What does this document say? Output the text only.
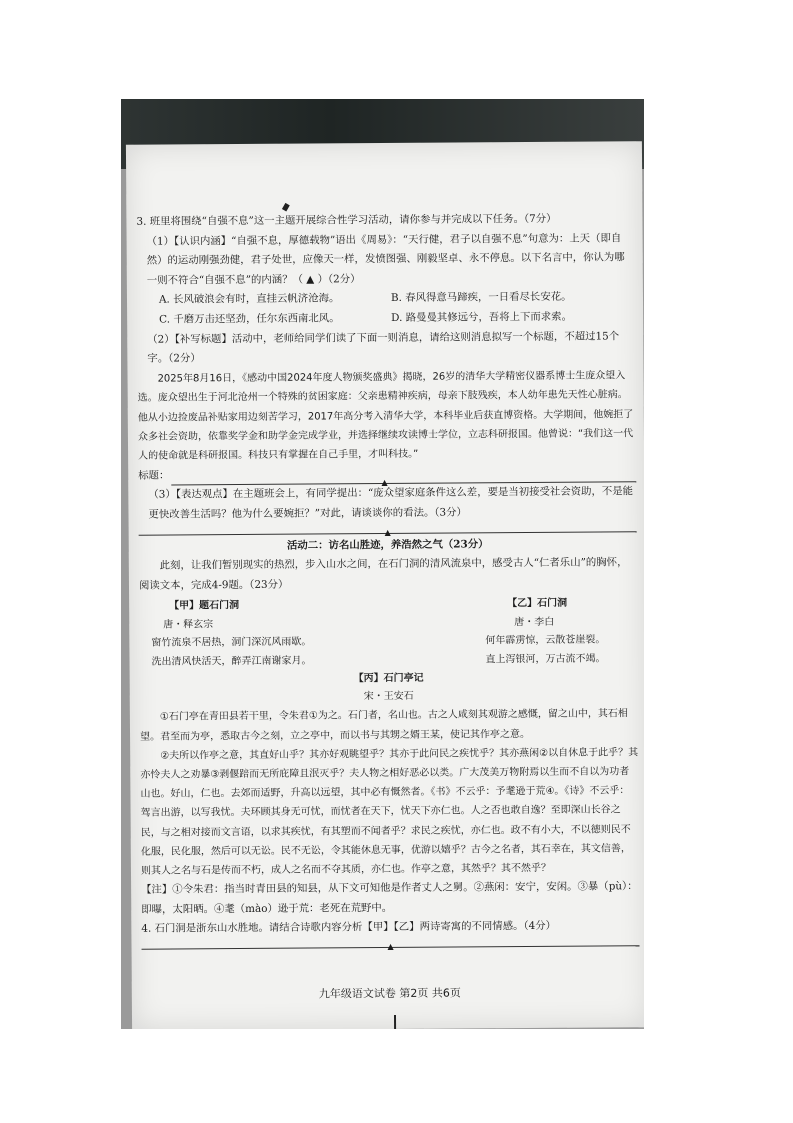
3. 班里将围绕“自强不息”这一主题开展综合性学习活动，请你参与并完成以下任务。（7分）

（1）【认识内涵】“自强不息，厚德载物”语出《周易》：“天行健，君子以自强不息”句意为：上天（即自然）的运动刚强劲健，君子处世，应像天一样，发愤图强、刚毅坚卓、永不停息。以下名言中，你认为哪一则不符合“自强不息”的内涵？（ ▲ ）（2分）

A. 长风破浪会有时，直挂云帆济沧海。	B. 春风得意马蹄疾，一日看尽长安花。
C. 千磨万击还坚劲，任尔东西南北风。	D. 路曼曼其修远兮，吾将上下而求索。

（2）【补写标题】活动中，老师给同学们读了下面一则消息，请给这则消息拟写一个标题，不超过15个字。（2分）

2025年8月16日，《感动中国2024年度人物颁奖盛典》揭晓，26岁的清华大学精密仪器系博士生庞众望入选。庞众望出生于河北沧州一个特殊的贫困家庭：父亲患精神疾病，母亲下肢残疾，本人幼年患先天性心脏病。他从小边捡废品补贴家用边刻苦学习，2017年高分考入清华大学，本科毕业后获直博资格。大学期间，他婉拒了众多社会资助，依靠奖学金和助学金完成学业，并选择继续攻读博士学位，立志科研报国。他曾说：“我们这一代人的使命就是科研报国。科技只有掌握在自己手里，才叫科技。”

标题：
▲

（3）【表达观点】在主题班会上，有同学提出：“庞众望家庭条件这么差，要是当初接受社会资助，不是能更快改善生活吗？他为什么要婉拒？”对此，请谈谈你的看法。（3分）

▲

活动二：访名山胜迹，养浩然之气（23分）

此刻，让我们暂别现实的热烈，步入山水之间，在石门洞的清风流泉中，感受古人“仁者乐山”的胸怀，阅读文本，完成4-9题。（23分）

【甲】题石门洞
唐・释玄宗
窗竹流泉不居热，洞门深沉风雨歇。
洗出清风快活天，醉弄江南谢家月。
【乙】石门洞
唐・李白
何年霹雳惊，云散苍崖裂。
直上泻银河，万古流不竭。
【丙】石门亭记
宋・王安石

①石门亭在青田县若干里，令朱君①为之。石门者，名山也。古之人咸刻其观游之感慨，留之山中，其石相望。君至而为亭，悉取古今之刻，立之亭中，而以书与其甥之婿王某，使记其作亭之意。

②夫所以作亭之意，其直好山乎？其亦好观眺望乎？其亦于此问民之疾忧乎？其亦燕闲②以自休息于此乎？其亦怜夫人之劝暴③剥偃踣而无所庇障且泯灭乎？夫人物之相好恶必以类。广大茂美万物附焉以生而不自以为功者山也。好山，仁也。去郊而适野，升高以远望，其中必有慨然者。《书》不云乎：予耄逊于荒④。《诗》不云乎：驾言出游，以写我忧。夫环顾其身无可忧，而忧者在天下，忧天下亦仁也。人之否也敢自逸？至即深山长谷之民，与之相对接而文言语，以求其疾忧，有其塑而不闻者乎？求民之疾忧，亦仁也。政不有小大，不以德则民不化服，民化服，然后可以无讼。民不无讼，令其能休息无事，优游以嬉乎？古今之名者，其石幸在，其文信善，则其人之名与石是传而不朽，成人之名而不夺其质，亦仁也。作亭之意，其然乎？其不然乎？

【注】①令朱君：指当时青田县的知县，从下文可知他是作者丈人之舅。②燕闲：安宁，安闲。③暴（pù）：即曝，太阳晒。④耄（mào）逊于荒：老死在荒野中。

4. 石门洞是浙东山水胜地。请结合诗歌内容分析【甲】【乙】两诗寄寓的不同情感。（4分）

▲
九年级语文试卷 第2页 共6页
